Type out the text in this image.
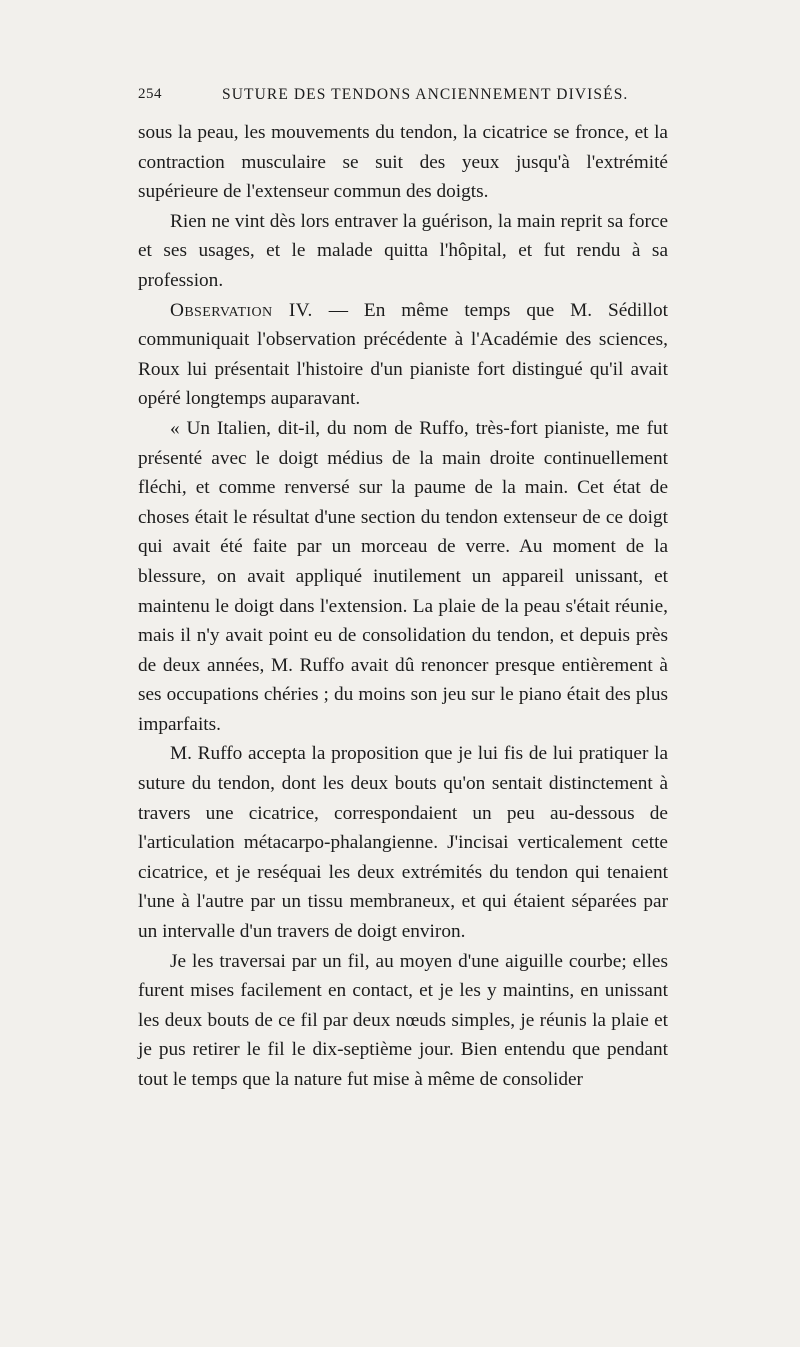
254	SUTURE DES TENDONS ANCIENNEMENT DIVISÉS.

sous la peau, les mouvements du tendon, la cicatrice se fronce, et la contraction musculaire se suit des yeux jusqu'à l'extrémité supérieure de l'extenseur commun des doigts.

Rien ne vint dès lors entraver la guérison, la main reprit sa force et ses usages, et le malade quitta l'hôpital, et fut rendu à sa profession.

Observation IV. — En même temps que M. Sédillot communiquait l'observation précédente à l'Académie des sciences, Roux lui présentait l'histoire d'un pianiste fort distingué qu'il avait opéré longtemps auparavant.

« Un Italien, dit-il, du nom de Ruffo, très-fort pianiste, me fut présenté avec le doigt médius de la main droite continuellement fléchi, et comme renversé sur la paume de la main. Cet état de choses était le résultat d'une section du tendon extenseur de ce doigt qui avait été faite par un morceau de verre. Au moment de la blessure, on avait appliqué inutilement un appareil unissant, et maintenu le doigt dans l'extension. La plaie de la peau s'était réunie, mais il n'y avait point eu de consolidation du tendon, et depuis près de deux années, M. Ruffo avait dû renoncer presque entièrement à ses occupations chéries ; du moins son jeu sur le piano était des plus imparfaits.

M. Ruffo accepta la proposition que je lui fis de lui pratiquer la suture du tendon, dont les deux bouts qu'on sentait distinctement à travers une cicatrice, correspondaient un peu au-dessous de l'articulation métacarpo-phalangienne. J'incisai verticalement cette cicatrice, et je reséquai les deux extrémités du tendon qui tenaient l'une à l'autre par un tissu membraneux, et qui étaient séparées par un intervalle d'un travers de doigt environ.

Je les traversai par un fil, au moyen d'une aiguille courbe; elles furent mises facilement en contact, et je les y maintins, en unissant les deux bouts de ce fil par deux nœuds simples, je réunis la plaie et je pus retirer le fil le dix-septième jour. Bien entendu que pendant tout le temps que la nature fut mise à même de consolider
